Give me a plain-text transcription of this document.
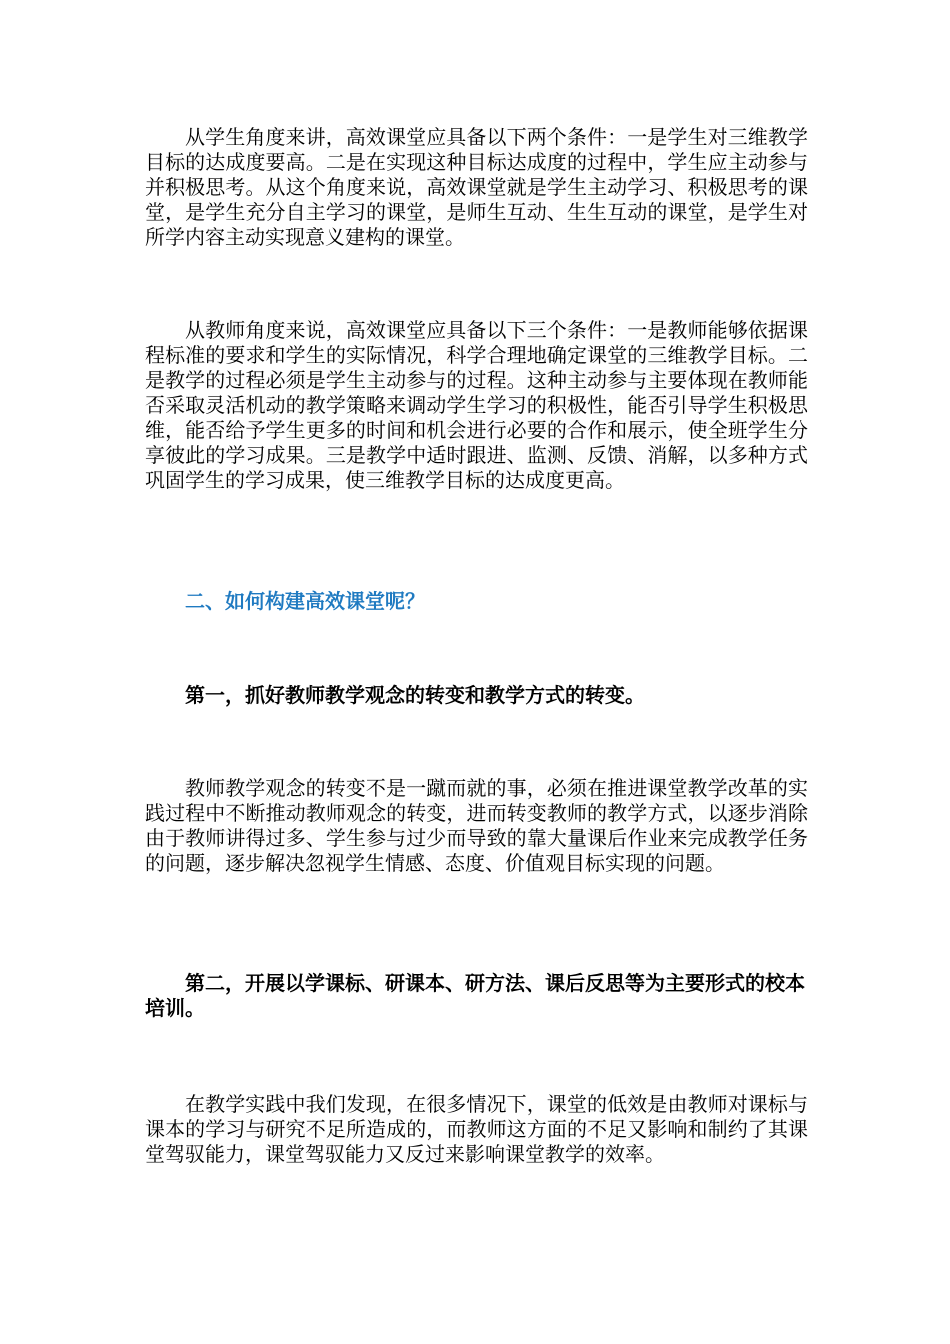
从学生角度来讲，高效课堂应具备以下两个条件：一是学生对三维教学目标的达成度要高。二是在实现这种目标达成度的过程中，学生应主动参与并积极思考。从这个角度来说，高效课堂就是学生主动学习、积极思考的课堂，是学生充分自主学习的课堂，是师生互动、生生互动的课堂，是学生对所学内容主动实现意义建构的课堂。

从教师角度来说，高效课堂应具备以下三个条件：一是教师能够依据课程标准的要求和学生的实际情况，科学合理地确定课堂的三维教学目标。二是教学的过程必须是学生主动参与的过程。这种主动参与主要体现在教师能否采取灵活机动的教学策略来调动学生学习的积极性，能否引导学生积极思维，能否给予学生更多的时间和机会进行必要的合作和展示，使全班学生分享彼此的学习成果。三是教学中适时跟进、监测、反馈、消解，以多种方式巩固学生的学习成果，使三维教学目标的达成度更高。

二、如何构建高效课堂呢？
第一，抓好教师教学观念的转变和教学方式的转变。

教师教学观念的转变不是一蹴而就的事，必须在推进课堂教学改革的实践过程中不断推动教师观念的转变，进而转变教师的教学方式，以逐步消除由于教师讲得过多、学生参与过少而导致的靠大量课后作业来完成教学任务的问题，逐步解决忽视学生情感、态度、价值观目标实现的问题。

第二，开展以学课标、研课本、研方法、课后反思等为主要形式的校本培训。

在教学实践中我们发现，在很多情况下，课堂的低效是由教师对课标与课本的学习与研究不足所造成的，而教师这方面的不足又影响和制约了其课堂驾驭能力，课堂驾驭能力又反过来影响课堂教学的效率。
